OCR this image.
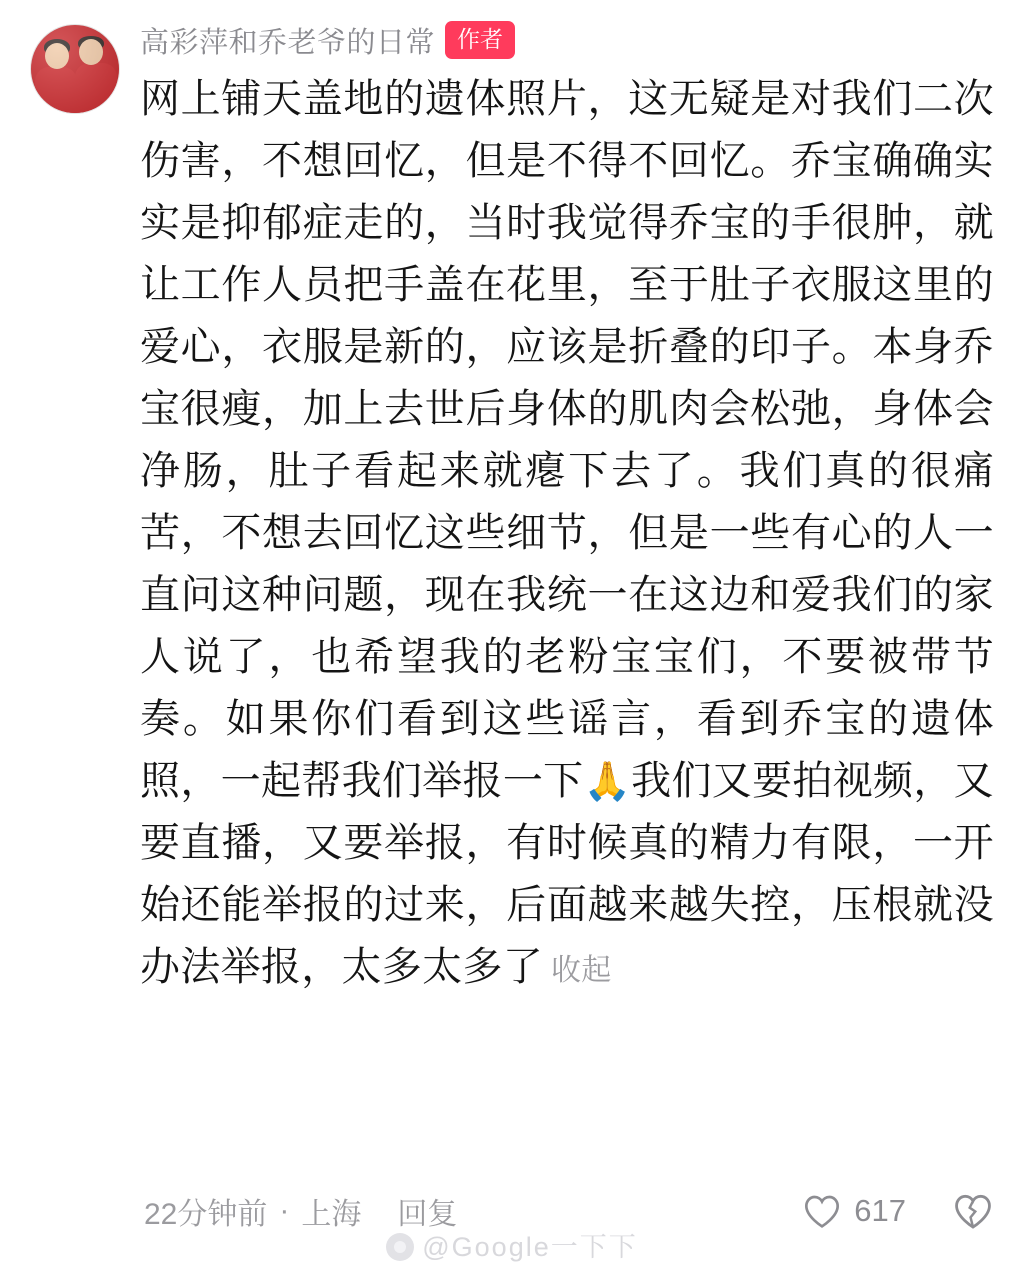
高彩萍和乔老爷的日常 作者
网上铺天盖地的遗体照片，这无疑是对我们二次伤害，不想回忆，但是不得不回忆。乔宝确确实实是抑郁症走的，当时我觉得乔宝的手很肿，就让工作人员把手盖在花里，至于肚子衣服这里的爱心，衣服是新的，应该是折叠的印子。本身乔宝很瘦，加上去世后身体的肌肉会松弛，身体会净肠，肚子看起来就瘪下去了。我们真的很痛苦，不想去回忆这些细节，但是一些有心的人一直问这种问题，现在我统一在这边和爱我们的家人说了，也希望我的老粉宝宝们，不要被带节奏。如果你们看到这些谣言，看到乔宝的遗体照，一起帮我们举报一下🙏我们又要拍视频，又要直播，又要举报，有时候真的精力有限，一开始还能举报的过来，后面越来越失控，压根就没办法举报，太多太多了 收起
22分钟前 · 上海 回复	617
@Google一下下
